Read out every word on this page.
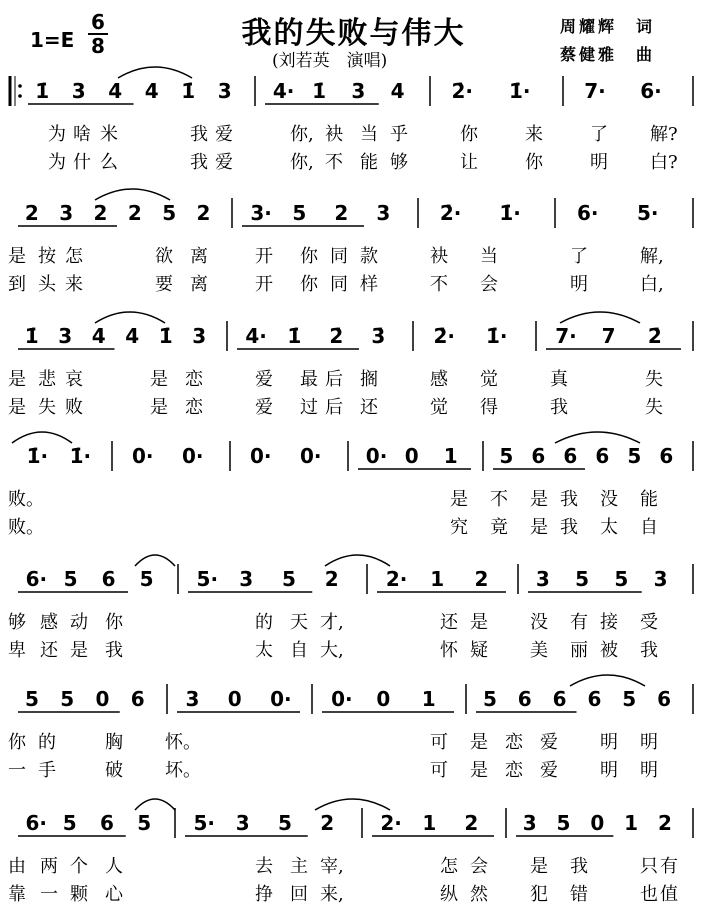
1=E
6
8	我的失败与伟大
(刘若英　演唱)
周耀辉　词
蔡健雅　曲
1̇ 3 4 4 1̇ 3 4· 1̇ 3 4 2̇· 1̇·	7· 6·
2 3 2 2 5 2 3· 5 2 3 2̇· 1̇·	6· 5·
1̇ 3 4 4 1̇ 3 4· 1̇ 2̇ 3̇ 2̇· 1̇· 7· 7 2̇
1̇· 1̇· 0· 0· 0· 0· 0· 0 1 5 6 6 6 5 6
6· 5 6 5 5· 3 5 2 2· 1 2 3 5 5 3
5 5 0 6 3 0 0· 0· 0 1 5 6 6 6 5 6
6· 5 6 5 5· 3 5 2 2· 1 2 3 5 0 1 2
为 啥 米	我 爱	你, 袂 当 乎	你	来	了 解?
为 什 么	我 爱	你, 不 能 够	让	你	明 白?
是 按 怎	欲 离	开 你 同 款	袂 当	了	解,
到 头 来	要 离	开 你 同 样	不 会	明	白,
是 悲 哀	是 恋	爱 最 后 搁	感 觉	真	失
是 失 败	是 恋	爱 过 后 还	觉 得	我	失
败。	是 不 是 我 没 能
败。	究 竟 是 我 太 自
够 感 动 你	的 天 才,	还 是 没 有 接 受
卑 还 是 我	太 自 大,	怀 疑 美 丽 被 我
你 的	胸 怀。	可 是 恋 爱 明 明
一 手	破 坏。	可 是 恋 爱 明 明
由 两 个 人	去 主 宰,	怎 会 是 我	只 有
靠 一 颗 心	挣 回 来,	纵 然 犯 错	也 值
